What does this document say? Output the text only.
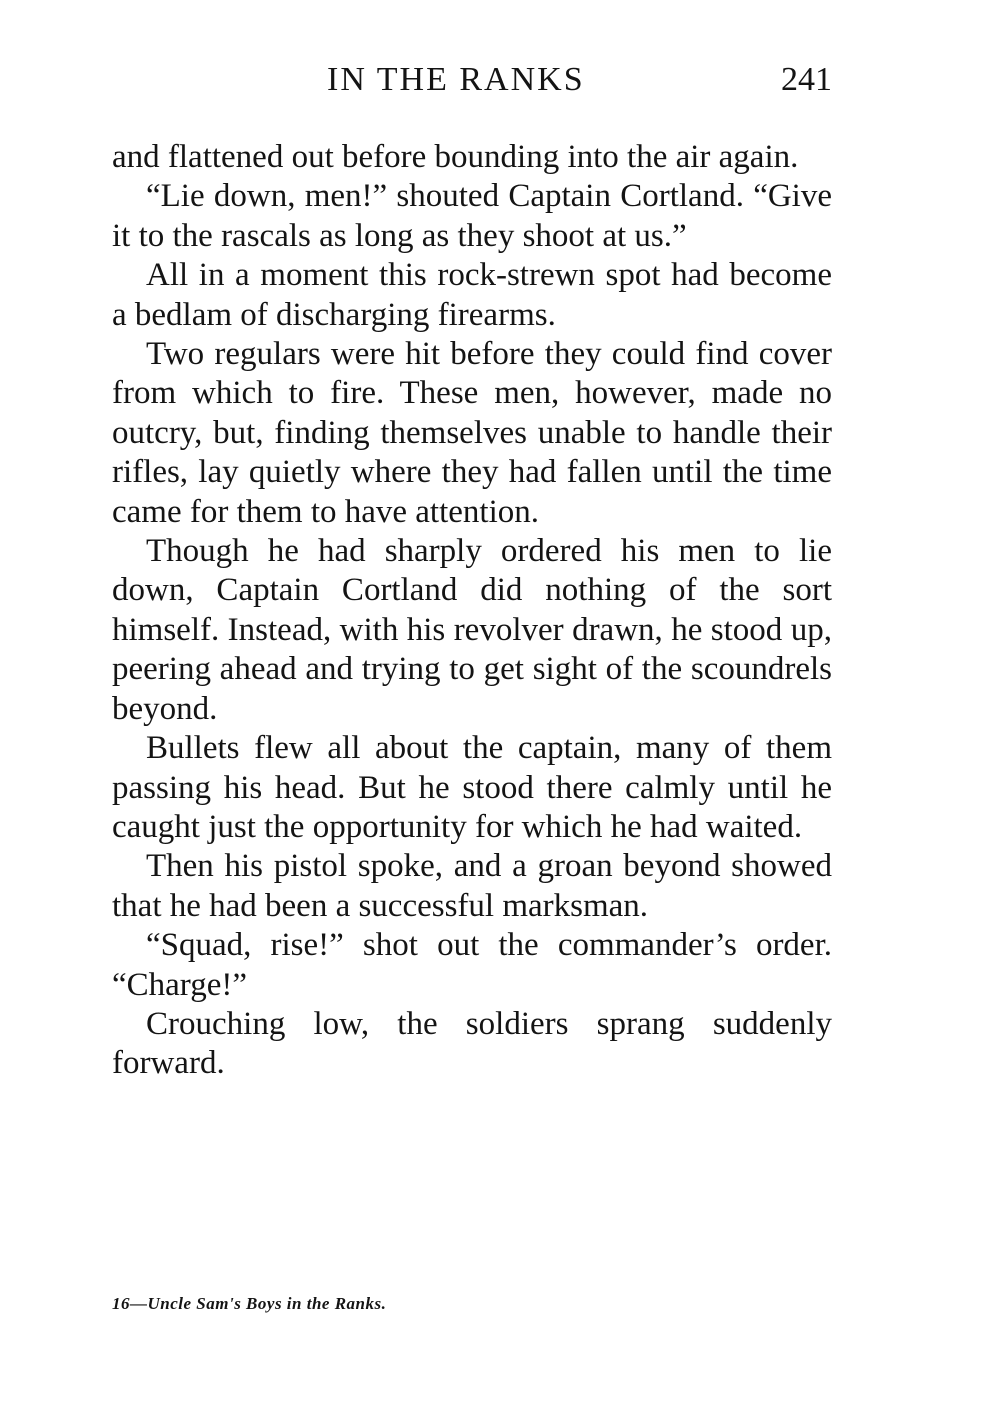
IN THE RANKS	241

and flattened out before bounding into the air again.

“Lie down, men!” shouted Captain Cortland. “Give it to the rascals as long as they shoot at us.”

All in a moment this rock-strewn spot had become a bedlam of discharging firearms.

Two regulars were hit before they could find cover from which to fire. These men, however, made no outcry, but, finding themselves unable to handle their rifles, lay quietly where they had fallen until the time came for them to have attention.

Though he had sharply ordered his men to lie down, Captain Cortland did nothing of the sort himself. Instead, with his revolver drawn, he stood up, peering ahead and trying to get sight of the scoundrels beyond.

Bullets flew all about the captain, many of them passing his head. But he stood there calmly until he caught just the opportunity for which he had waited.

Then his pistol spoke, and a groan beyond showed that he had been a successful marksman.

“Squad, rise!” shot out the commander’s order. “Charge!”

Crouching low, the soldiers sprang suddenly forward.

16—Uncle Sam's Boys in the Ranks.
